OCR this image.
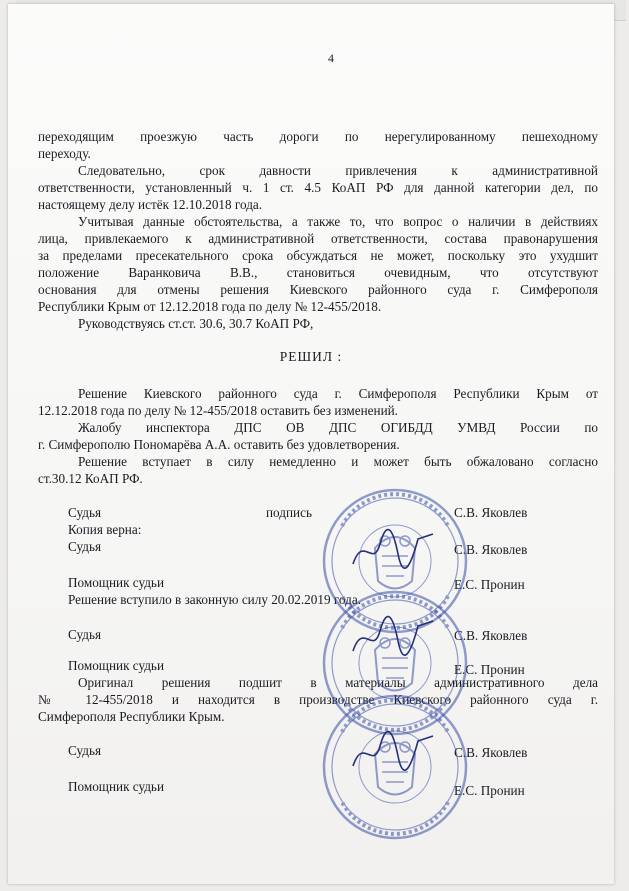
4
переходящим проезжую часть дороги по нерегулированному пешеходному
переходу.
Следовательно, срок давности привлечения к административной
ответственности, установленный ч. 1 ст. 4.5 КоАП РФ для данной категории дел, по
настоящему делу истёк 12.10.2018 года.
Учитывая данные обстоятельства, а также то, что вопрос о наличии в действиях
лица, привлекаемого к административной ответственности, состава правонарушения
за пределами пресекательного срока обсуждаться не может, поскольку это ухудшит
положение Варанковича В.В., становиться очевидным, что отсутствуют
основания для отмены решения Киевского районного суда г. Симферополя
Республики Крым от 12.12.2018 года по делу № 12-455/2018.
Руководствуясь ст.ст. 30.6, 30.7 КоАП РФ,
РЕШИЛ :
Решение Киевского районного суда г. Симферополя Республики Крым от
12.12.2018 года по делу № 12-455/2018 оставить без изменений.
Жалобу инспектора ДПС ОВ ДПС ОГИБДД УМВД России по
г. Симферополю Пономарёва А.А. оставить без удовлетворения.
Решение вступает в силу немедленно и может быть обжаловано согласно
ст.30.12 КоАП РФ.
Судья	подпись	С.В. Яковлев
Копия верна:
Судья	С.В. Яковлев
Помощник судьи	Е.С. Пронин
Решение вступило в законную силу 20.02.2019 года.
Судья	С.В. Яковлев
Помощник судьи	Е.С. Пронин
Оригинал решения подшит в материалы административного дела
№ 12-455/2018 и находится в производстве Киевского районного суда г.
Симферополя Республики Крым.
Судья	С.В. Яковлев
Помощник судьи	Е.С. Пронин
